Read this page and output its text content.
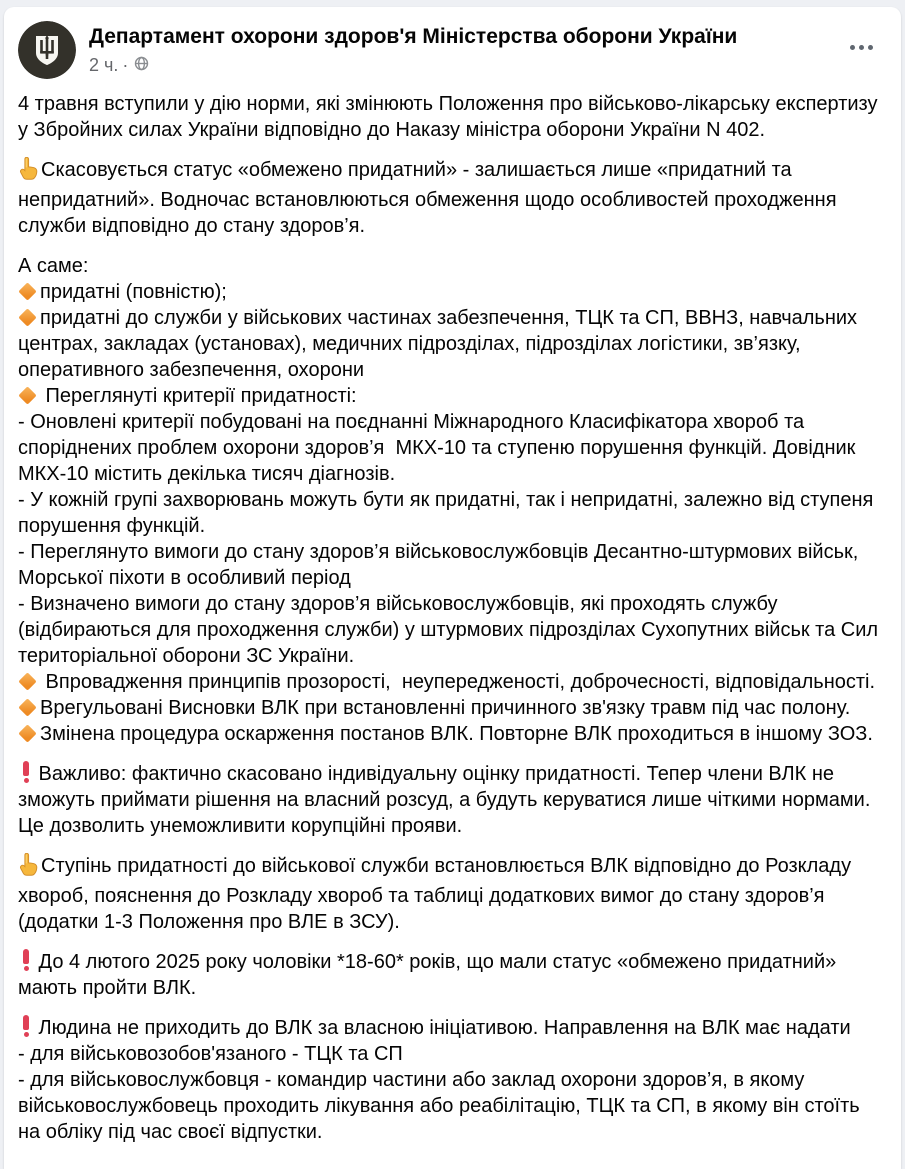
Департамент охорони здоров'я Міністерства оборони України
2 ч. ·

4 травня вступили у дію норми, які змінюють Положення про військово-лікарську експертизу у Збройних силах України відповідно до Наказу міністра оборони України N 402.

Скасовується статус «обмежено придатний» - залишається лише «придатний та непридатний». Водночас встановлюються обмеження щодо особливостей проходження служби відповідно до стану здоров’я.

А саме:

придатні (повністю);

придатні до служби у військових частинах забезпечення, ТЦК та СП, ВВНЗ, навчальних центрах, закладах (установах), медичних підрозділах, підрозділах логістики, зв’язку, оперативного забезпечення, охорони

Переглянуті критерії придатності:

- Оновлені критерії побудовані на поєднанні Міжнародного Класифікатора хвороб та споріднених проблем охорони здоров’я  МКХ-10 та ступеню порушення функцій. Довідник МКХ-10 містить декілька тисяч діагнозів.

- У кожній групі захворювань можуть бути як придатні, так і непридатні, залежно від ступеня порушення функцій.

- Переглянуто вимоги до стану здоров’я військовослужбовців Десантно-штурмових військ, Морської піхоти в особливий період

- Визначено вимоги до стану здоров’я військовослужбовців, які проходять службу (відбираються для проходження служби) у штурмових підрозділах Сухопутних військ та Сил територіальної оборони ЗС України.

Впровадження принципів прозорості,  неупередженості, доброчесності, відповідальності.

Врегульовані Висновки ВЛК при встановленні причинного зв'язку травм під час полону.

Змінена процедура оскарження постанов ВЛК. Повторне ВЛК проходиться в іншому ЗОЗ.

Важливо: фактично скасовано індивідуальну оцінку придатності. Тепер члени ВЛК не зможуть приймати рішення на власний розсуд, а будуть керуватися лише чіткими нормами. Це дозволить унеможливити корупційні прояви.

Ступінь придатності до військової служби встановлюється ВЛК відповідно до Розкладу хвороб, пояснення до Розкладу хвороб та таблиці додаткових вимог до стану здоров’я (додатки 1-3 Положення про ВЛЕ в ЗСУ).

До 4 лютого 2025 року чоловіки *18-60* років, що мали статус «обмежено придатний» мають пройти ВЛК.

Людина не приходить до ВЛК за власною ініціативою. Направлення на ВЛК має надати

- для військовозобов'язаного - ТЦК та СП

- для військовослужбовця - командир частини або заклад охорони здоров’я, в якому військовослужбовець проходить лікування або реабілітацію, ТЦК та СП, в якому він стоїть на обліку під час своєї відпустки.
